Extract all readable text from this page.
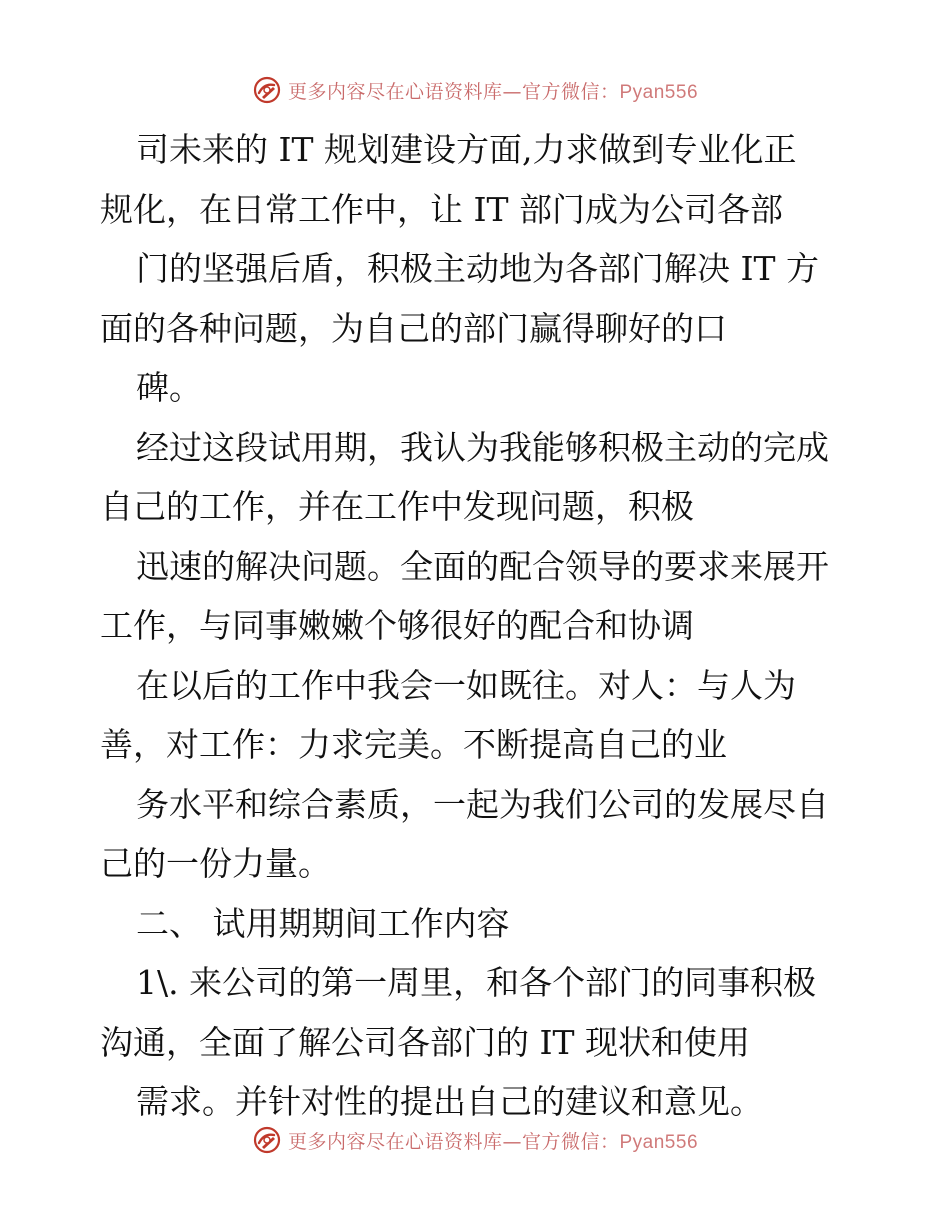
更多内容尽在心语资料库—官方微信：Pyan556
司未来的 IT 规划建设方面,力求做到专业化正
规化，在日常工作中，让 IT 部门成为公司各部
门的坚强后盾，积极主动地为各部门解决 IT 方
面的各种问题，为自己的部门赢得聊好的口
碑。
经过这段试用期，我认为我能够积极主动的完成
自己的工作，并在工作中发现问题，积极
迅速的解决问题。全面的配合领导的要求来展开
工作，与同事嫩嫩个够很好的配合和协调
在以后的工作中我会一如既往。对人：与人为
善，对工作：力求完美。不断提高自己的业
务水平和综合素质，一起为我们公司的发展尽自
己的一份力量。
二、 试用期期间工作内容
1\. 来公司的第一周里，和各个部门的同事积极
沟通，全面了解公司各部门的 IT 现状和使用
需求。并针对性的提出自己的建议和意见。
更多内容尽在心语资料库—官方微信：Pyan556
